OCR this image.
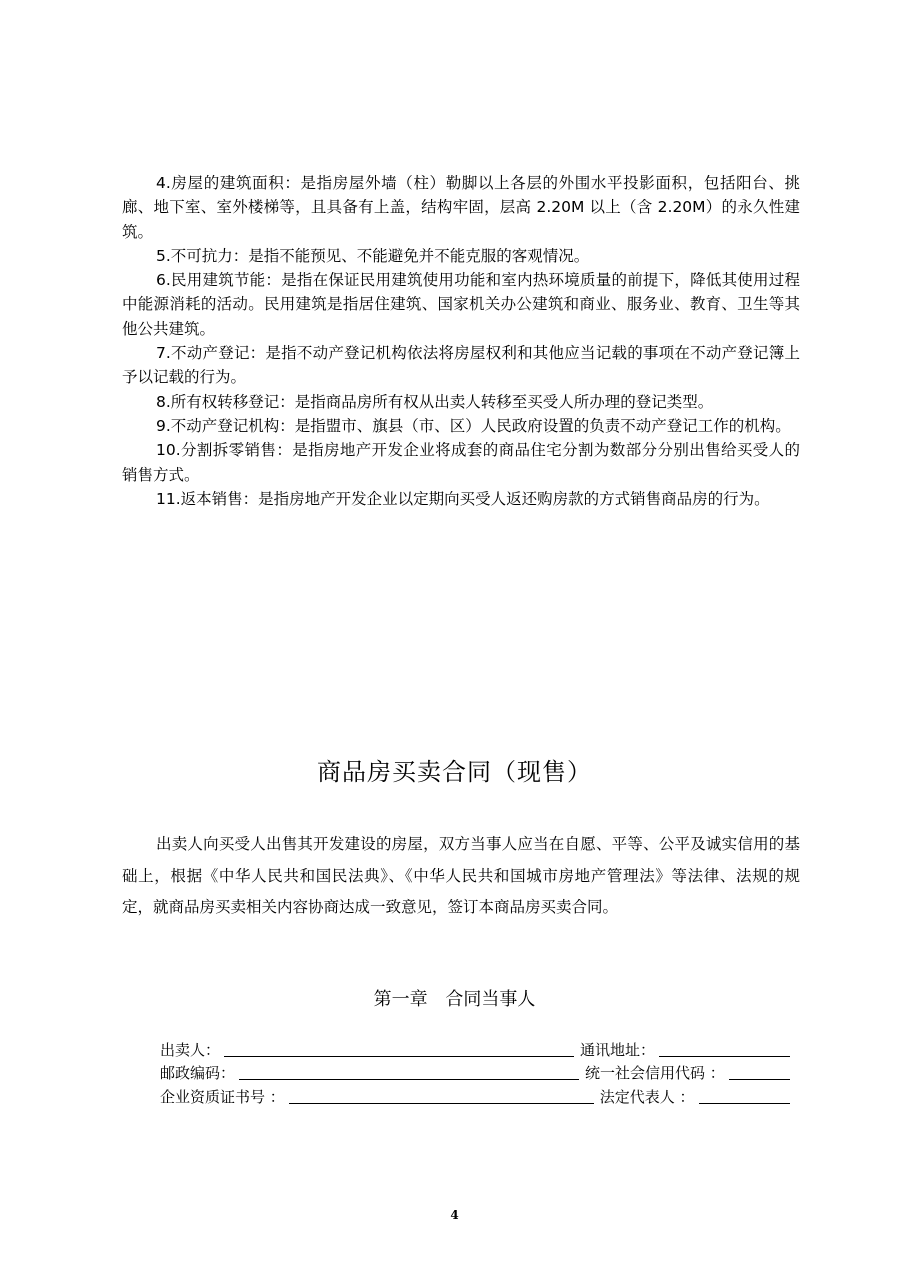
4.房屋的建筑面积：是指房屋外墙（柱）勒脚以上各层的外围水平投影面积，包括阳台、挑廊、地下室、室外楼梯等，且具备有上盖，结构牢固，层高 2.20M 以上（含 2.20M）的永久性建筑。

5.不可抗力：是指不能预见、不能避免并不能克服的客观情况。

6.民用建筑节能：是指在保证民用建筑使用功能和室内热环境质量的前提下，降低其使用过程中能源消耗的活动。民用建筑是指居住建筑、国家机关办公建筑和商业、服务业、教育、卫生等其他公共建筑。

7.不动产登记：是指不动产登记机构依法将房屋权利和其他应当记载的事项在不动产登记簿上予以记载的行为。

8.所有权转移登记：是指商品房所有权从出卖人转移至买受人所办理的登记类型。

9.不动产登记机构：是指盟市、旗县（市、区）人民政府设置的负责不动产登记工作的机构。

10.分割拆零销售：是指房地产开发企业将成套的商品住宅分割为数部分分别出售给买受人的销售方式。

11.返本销售：是指房地产开发企业以定期向买受人返还购房款的方式销售商品房的行为。

商品房买卖合同（现售）

出卖人向买受人出售其开发建设的房屋，双方当事人应当在自愿、平等、公平及诚实信用的基础上，根据《中华人民共和国民法典》、《中华人民共和国城市房地产管理法》等法律、法规的规定，就商品房买卖相关内容协商达成一致意见，签订本商品房买卖合同。

第一章 合同当事人
出卖人：	通讯地址：
邮政编码：	统一社会信用代码 ：
企业资质证书号 ：	法定代表人 ：
4
